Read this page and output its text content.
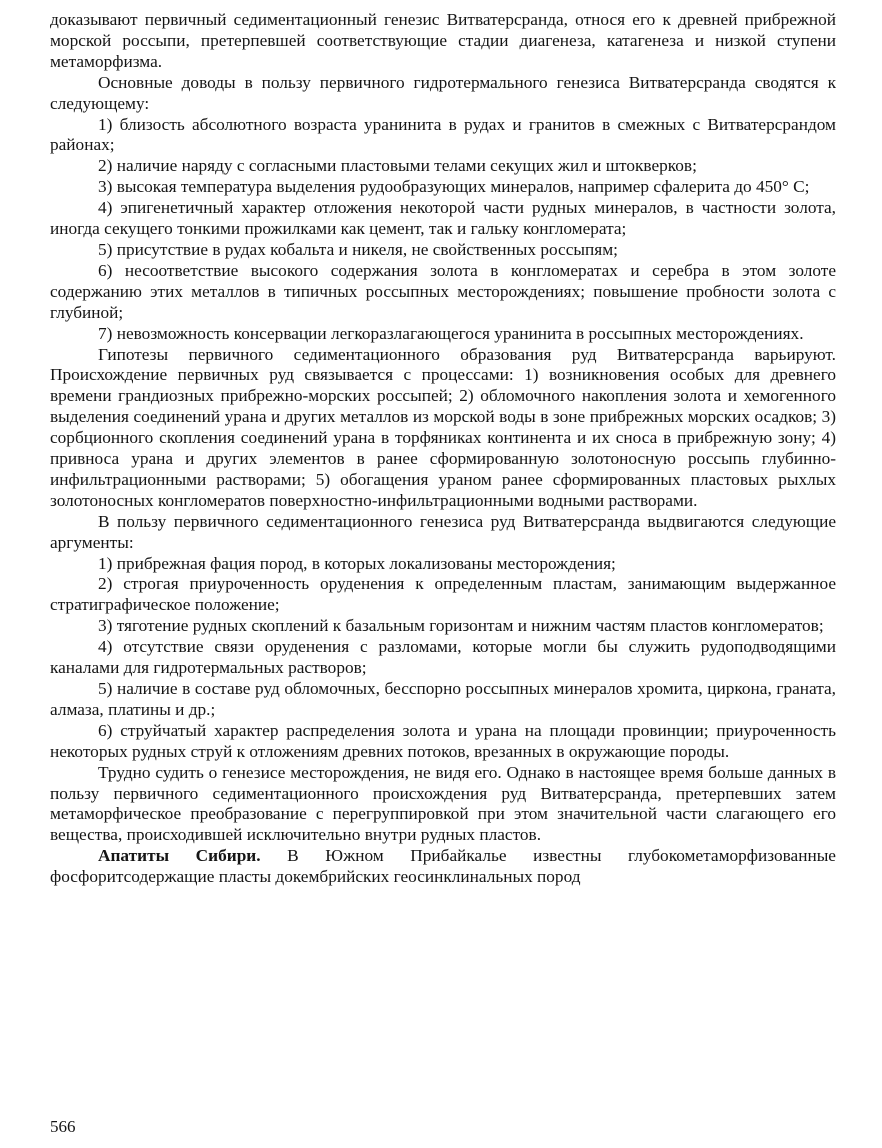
доказывают первичный седиментационный генезис Витватерсранда, относя его к древней прибрежной морской россыпи, претерпевшей соответствующие стадии диагенеза, катагенеза и низкой ступени метаморфизма.

Основные доводы в пользу первичного гидротермального генезиса Витватерсранда сводятся к следующему:

1) близость абсолютного возраста уранинита в рудах и гранитов в смежных с Витватерсрандом районах;

2) наличие наряду с согласными пластовыми телами секущих жил и штокверков;

3) высокая температура выделения рудообразующих минералов, например сфалерита до 450° С;

4) эпигенетичный характер отложения некоторой части рудных минералов, в частности золота, иногда секущего тонкими прожилками как цемент, так и гальку конгломерата;

5) присутствие в рудах кобальта и никеля, не свойственных россыпям;

6) несоответствие высокого содержания золота в конгломератах и серебра в этом золоте содержанию этих металлов в типичных россыпных месторождениях; повышение пробности золота с глубиной;

7) невозможность консервации легкоразлагающегося уранинита в россыпных месторождениях.

Гипотезы первичного седиментационного образования руд Витватерсранда варьируют. Происхождение первичных руд связывается с процессами: 1) возникновения особых для древнего времени грандиозных прибрежно-морских россыпей; 2) обломочного накопления золота и хемогенного выделения соединений урана и других металлов из морской воды в зоне прибрежных морских осадков; 3) сорбционного скопления соединений урана в торфяниках континента и их сноса в прибрежную зону; 4) привноса урана и других элементов в ранее сформированную золотоносную россыпь глубинно-инфильтрационными растворами; 5) обогащения ураном ранее сформированных пластовых рыхлых золотоносных конгломератов поверхностно-инфильтрационными водными растворами.

В пользу первичного седиментационного генезиса руд Витватерсранда выдвигаются следующие аргументы:

1) прибрежная фация пород, в которых локализованы месторождения;

2) строгая приуроченность оруденения к определенным пластам, занимающим выдержанное стратиграфическое положение;

3) тяготение рудных скоплений к базальным горизонтам и нижним частям пластов конгломератов;

4) отсутствие связи оруденения с разломами, которые могли бы служить рудоподводящими каналами для гидротермальных растворов;

5) наличие в составе руд обломочных, бесспорно россыпных минералов хромита, циркона, граната, алмаза, платины и др.;

6) струйчатый характер распределения золота и урана на площади провинции; приуроченность некоторых рудных струй к отложениям древних потоков, врезанных в окружающие породы.

Трудно судить о генезисе месторождения, не видя его. Однако в настоящее время больше данных в пользу первичного седиментационного происхождения руд Витватерсранда, претерпевших затем метаморфическое преобразование с перегруппировкой при этом значительной части слагающего его вещества, происходившей исключительно внутри рудных пластов.

Апатиты Сибири. В Южном Прибайкалье известны глубокометаморфизованные фосфоритсодержащие пласты докембрийских геосинклинальных пород

566
